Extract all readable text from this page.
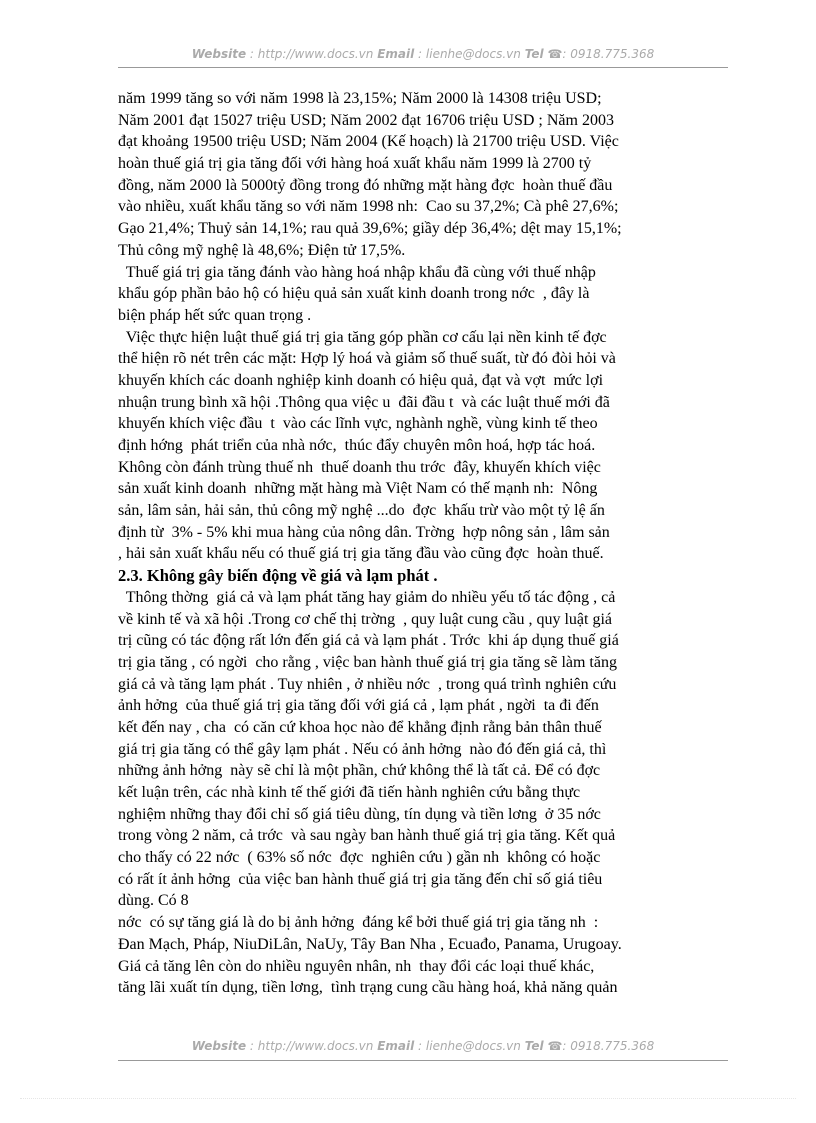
Website : http://www.docs.vn Email : lienhe@docs.vn Tel ☎: 0918.775.368
năm 1999 tăng so với năm 1998 là 23,15%; Năm 2000 là 14308 triệu USD;
Năm 2001 đạt 15027 triệu USD; Năm 2002 đạt 16706 triệu USD ; Năm 2003
đạt khoảng 19500 triệu USD; Năm 2004 (Kế hoạch) là 21700 triệu USD. Việc
hoàn thuế giá trị gia tăng đối với hàng hoá xuất khẩu năm 1999 là 2700 tỷ
đồng, năm 2000 là 5000tỷ đồng trong đó những mặt hàng đợc  hoàn thuế đầu
vào nhiều, xuất khẩu tăng so với năm 1998 nh:  Cao su 37,2%; Cà phê 27,6%;
Gạo 21,4%; Thuỷ sản 14,1%; rau quả 39,6%; giầy dép 36,4%; dệt may 15,1%;
Thủ công mỹ nghệ là 48,6%; Điện tử 17,5%.
Thuế giá trị gia tăng đánh vào hàng hoá nhập khẩu đã cùng với thuế nhập
khẩu góp phần bảo hộ có hiệu quả sản xuất kinh doanh trong nớc  , đây là
biện pháp hết sức quan trọng .
Việc thực hiện luật thuế giá trị gia tăng góp phần cơ cấu lại nền kinh tế đợc
thể hiện rõ nét trên các mặt: Hợp lý hoá và giảm số thuế suất, từ đó đòi hỏi và
khuyến khích các doanh nghiệp kinh doanh có hiệu quả, đạt và vợt  mức lợi
nhuận trung bình xã hội .Thông qua việc u  đãi đầu t  và các luật thuế mới đã
khuyến khích việc đầu  t  vào các lĩnh vực, nghành nghề, vùng kinh tế theo
định hớng  phát triển của nhà nớc,  thúc đẩy chuyên môn hoá, hợp tác hoá.
Không còn đánh trùng thuế nh  thuế doanh thu trớc  đây, khuyến khích việc
sản xuất kinh doanh  những mặt hàng mà Việt Nam có thế mạnh nh:  Nông
sản, lâm sản, hải sản, thủ công mỹ nghệ ...do  đợc  khấu trừ vào một tỷ lệ ấn
định từ  3% - 5% khi mua hàng của nông dân. Trờng  hợp nông sản , lâm sản
, hải sản xuất khẩu nếu có thuế giá trị gia tăng đầu vào cũng đợc  hoàn thuế.
2.3. Không gây biến động về giá và lạm phát .
Thông thờng  giá cả và lạm phát tăng hay giảm do nhiều yếu tố tác động , cả
về kinh tế và xã hội .Trong cơ chế thị trờng  , quy luật cung cầu , quy luật giá
trị cũng có tác động rất lớn đến giá cả và lạm phát . Trớc  khi áp dụng thuế giá
trị gia tăng , có ngời  cho rằng , việc ban hành thuế giá trị gia tăng sẽ làm tăng
giá cả và tăng lạm phát . Tuy nhiên , ở nhiều nớc  , trong quá trình nghiên cứu
ảnh hởng  của thuế giá trị gia tăng đối với giá cả , lạm phát , ngời  ta đi đến
kết đến nay , cha  có căn cứ khoa học nào để khẳng định rằng bản thân thuế
giá trị gia tăng có thể gây lạm phát . Nếu có ảnh hởng  nào đó đến giá cả, thì
những ảnh hởng  này sẽ chỉ là một phần, chứ không thể là tất cả. Để có đợc
kết luận trên, các nhà kinh tế thế giới đã tiến hành nghiên cứu bằng thực
nghiệm những thay đổi chỉ số giá tiêu dùng, tín dụng và tiền lơng  ở 35 nớc
trong vòng 2 năm, cả trớc  và sau ngày ban hành thuế giá trị gia tăng. Kết quả
cho thấy có 22 nớc  ( 63% số nớc  đợc  nghiên cứu ) gần nh  không có hoặc
có rất ít ảnh hởng  của việc ban hành thuế giá trị gia tăng đến chỉ số giá tiêu
dùng. Có 8
nớc  có sự tăng giá là do bị ảnh hởng  đáng kể bởi thuế giá trị gia tăng nh  :
Đan Mạch, Pháp, NiuDiLân, NaUy, Tây Ban Nha , Ecuađo, Panama, Urugoay.
Giá cả tăng lên còn do nhiều nguyên nhân, nh  thay đổi các loại thuế khác,
tăng lãi xuất tín dụng, tiền lơng,  tình trạng cung cầu hàng hoá, khả năng quản
Website : http://www.docs.vn Email : lienhe@docs.vn Tel ☎: 0918.775.368
